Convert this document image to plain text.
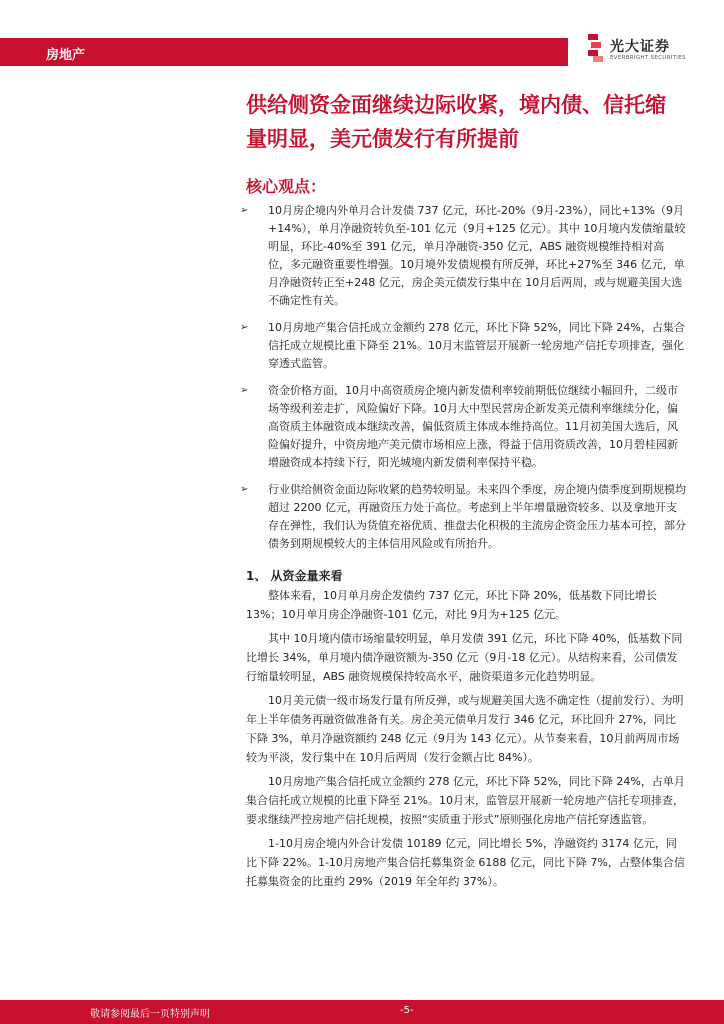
房地产
光大证券
EVERBRIGHT SECURITIES
供给侧资金面继续边际收紧，境内债、信托缩量明显，美元债发行有所提前
核心观点：
➢ 10月房企境内外单月合计发债 737 亿元，环比-20%（9月-23%），同比+13%（9月+14%），单月净融资转负至-101 亿元（9月+125 亿元）。其中 10月境内发债缩量较明显，环比-40%至 391 亿元，单月净融资-350 亿元，ABS 融资规模维持相对高位，多元融资重要性增强。10月境外发债规模有所反弹，环比+27%至 346 亿元，单月净融资转正至+248 亿元，房企美元债发行集中在 10月后两周，或与规避美国大选不确定性有关。
➢ 10月房地产集合信托成立金额约 278 亿元，环比下降 52%，同比下降 24%，占集合信托成立规模比重下降至 21%。10月末监管层开展新一轮房地产信托专项排查，强化穿透式监管。
➢ 资金价格方面，10月中高资质房企境内新发债利率较前期低位继续小幅回升，二级市场等级利差走扩，风险偏好下降。10月大中型民营房企新发美元债利率继续分化，偏高资质主体融资成本继续改善，偏低资质主体成本维持高位。11月初美国大选后，风险偏好提升，中资房地产美元债市场相应上涨，得益于信用资质改善，10月碧桂园新增融资成本持续下行，阳光城境内新发债利率保持平稳。
➢ 行业供给侧资金面边际收紧的趋势较明显。未来四个季度，房企境内债季度到期规模均超过 2200 亿元，再融资压力处于高位。考虑到上半年增量融资较多、以及拿地开支存在弹性，我们认为货值充裕优质、推盘去化积极的主流房企资金压力基本可控，部分债务到期规模较大的主体信用风险或有所抬升。
1、 从资金量来看

整体来看，10月单月房企发债约 737 亿元，环比下降 20%，低基数下同比增长 13%；10月单月房企净融资-101 亿元，对比 9月为+125 亿元。

其中 10月境内债市场缩量较明显，单月发债 391 亿元，环比下降 40%，低基数下同比增长 34%，单月境内债净融资额为-350 亿元（9月-18 亿元）。从结构来看，公司债发行缩量较明显，ABS 融资规模保持较高水平，融资渠道多元化趋势明显。

10月美元债一级市场发行量有所反弹，或与规避美国大选不确定性（提前发行）、为明年上半年债务再融资做准备有关。房企美元债单月发行 346 亿元，环比回升 27%，同比下降 3%，单月净融资额约 248 亿元（9月为 143 亿元）。从节奏来看，10月前两周市场较为平淡，发行集中在 10月后两周（发行金额占比 84%）。

10月房地产集合信托成立金额约 278 亿元，环比下降 52%，同比下降 24%，占单月集合信托成立规模的比重下降至 21%。10月末，监管层开展新一轮房地产信托专项排查，要求继续严控房地产信托规模，按照“实质重于形式”原则强化房地产信托穿透监管。

1-10月房企境内外合计发债 10189 亿元，同比增长 5%，净融资约 3174 亿元，同比下降 22%。1-10月房地产集合信托募集资金 6188 亿元，同比下降 7%，占整体集合信托募集资金的比重约 29%（2019 年全年约 37%）。

敬请参阅最后一页特别声明	-5-
